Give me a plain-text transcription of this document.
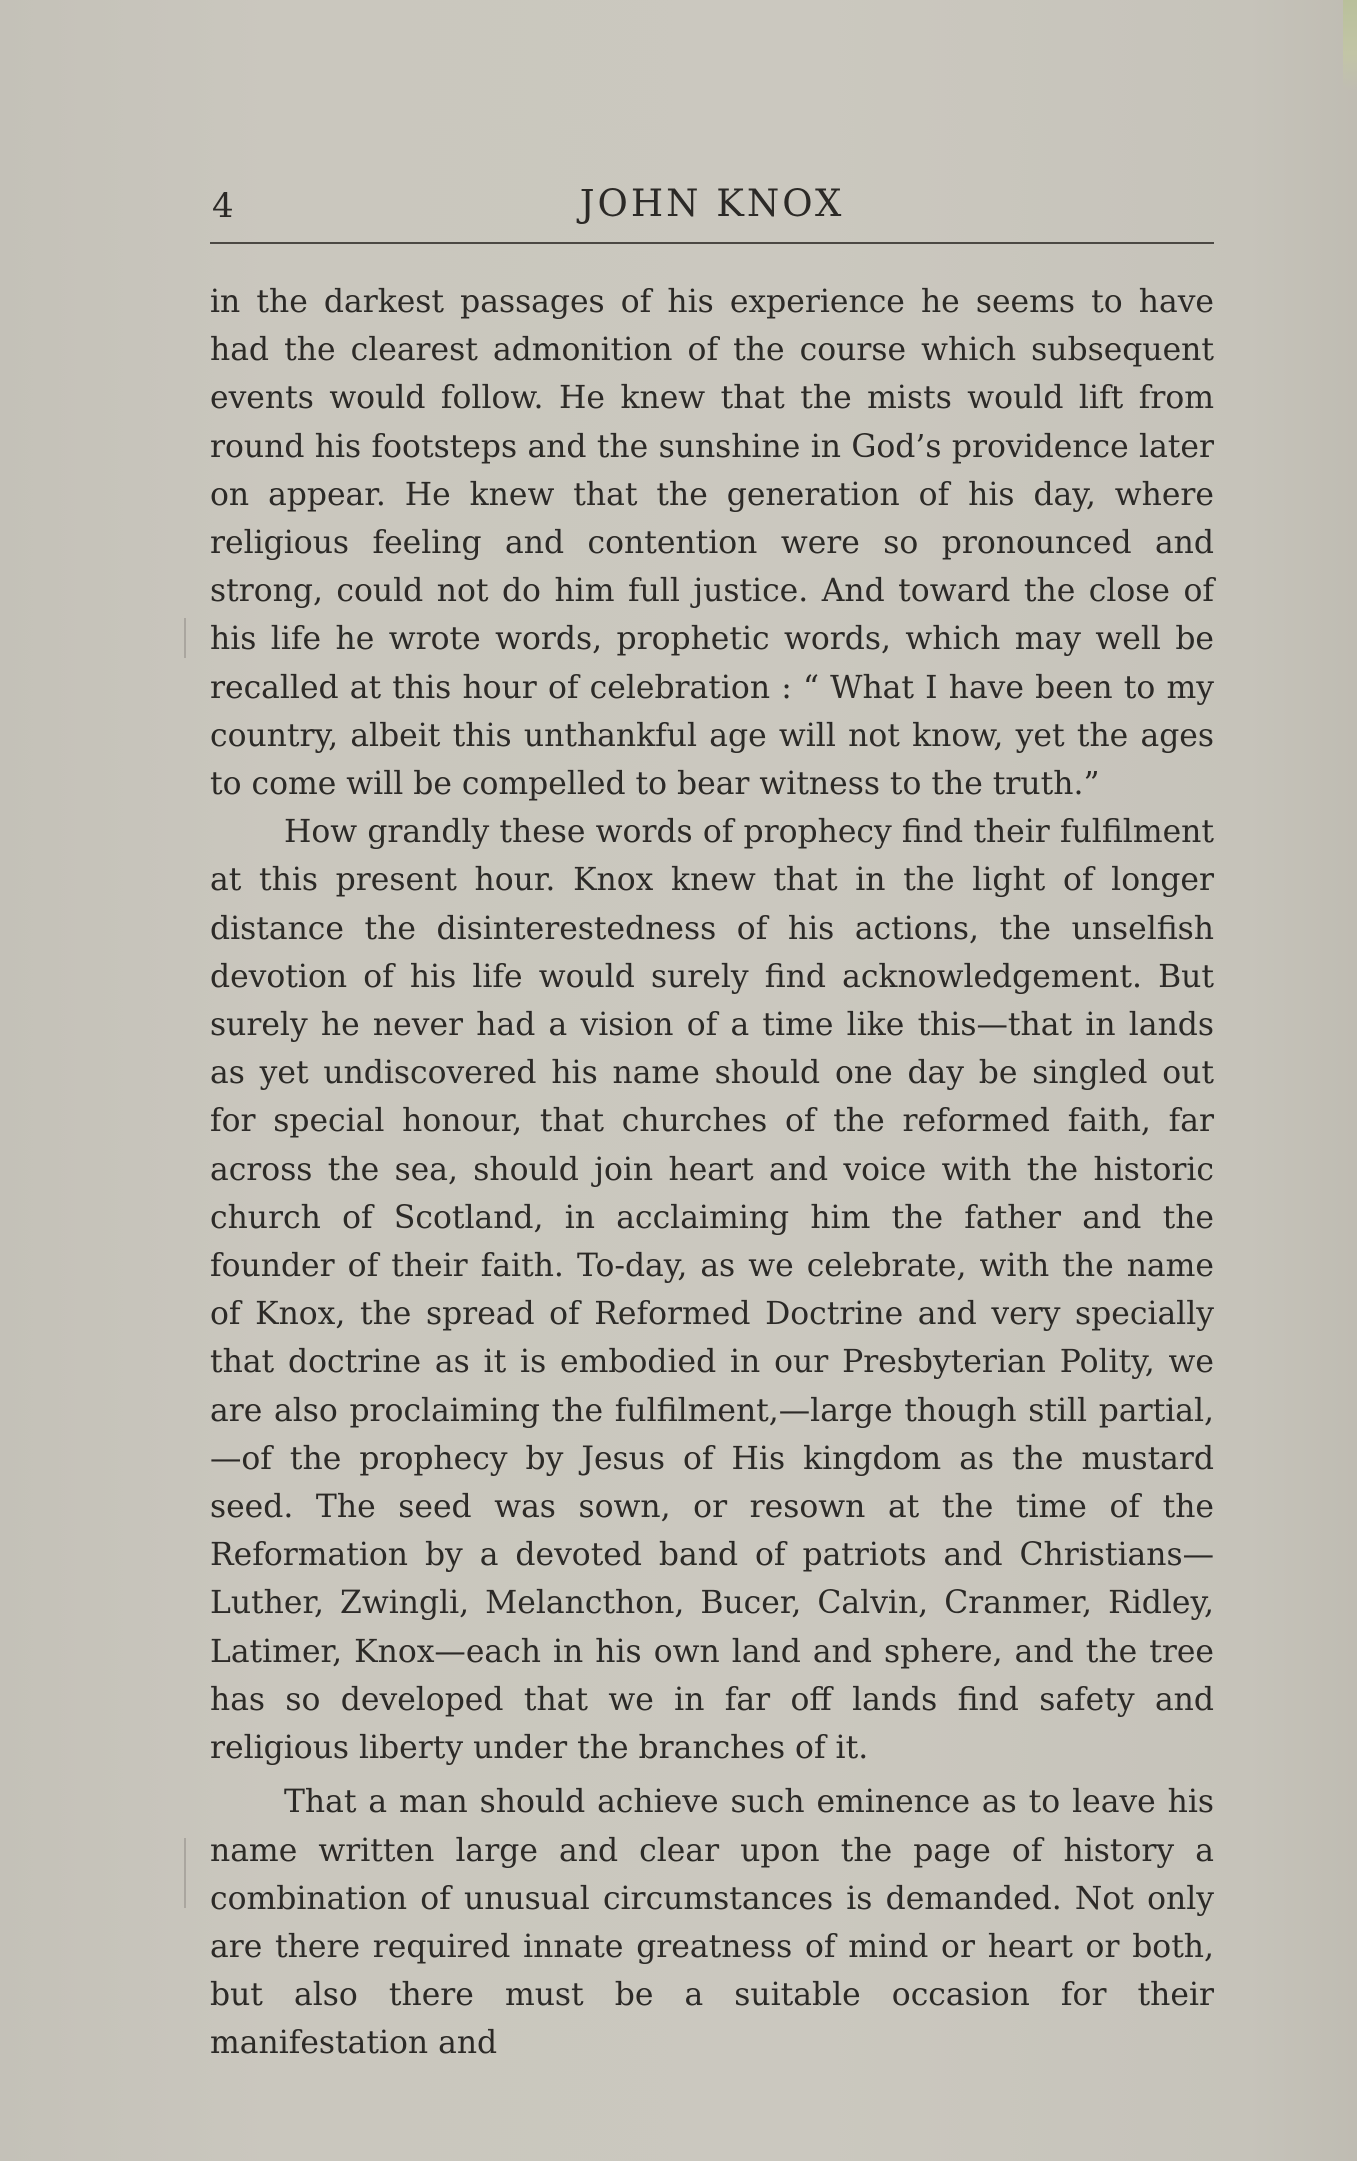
4	JOHN KNOX

in the darkest passages of his experience he seems to have had the clearest admonition of the course which subsequent events would follow. He knew that the mists would lift from round his footsteps and the sunshine in God’s providence later on appear. He knew that the generation of his day, where religious feeling and contention were so pronounced and strong, could not do him full justice. And toward the close of his life he wrote words, prophetic words, which may well be recalled at this hour of celebration : “ What I have been to my country, albeit this unthankful age will not know, yet the ages to come will be compelled to bear witness to the truth.”

How grandly these words of prophecy find their fulfilment at this present hour. Knox knew that in the light of longer distance the disinterestedness of his actions, the unselfish devotion of his life would surely find acknowledgement. But surely he never had a vision of a time like this—that in lands as yet undiscovered his name should one day be singled out for special honour, that churches of the reformed faith, far across the sea, should join heart and voice with the historic church of Scotland, in acclaiming him the father and the founder of their faith. To-day, as we celebrate, with the name of Knox, the spread of Reformed Doctrine and very specially that doctrine as it is embodied in our Presbyterian Polity, we are also proclaiming the fulfilment,—large though still partial,—of the prophecy by Jesus of His kingdom as the mustard seed. The seed was sown, or resown at the time of the Reformation by a devoted band of patriots and Christians—Luther, Zwingli, Melancthon, Bucer, Calvin, Cranmer, Ridley, Latimer, Knox—each in his own land and sphere, and the tree has so developed that we in far off lands find safety and religious liberty under the branches of it.

That a man should achieve such eminence as to leave his name written large and clear upon the page of history a combination of unusual circumstances is demanded. Not only are there required innate greatness of mind or heart or both, but also there must be a suitable occasion for their manifestation and
